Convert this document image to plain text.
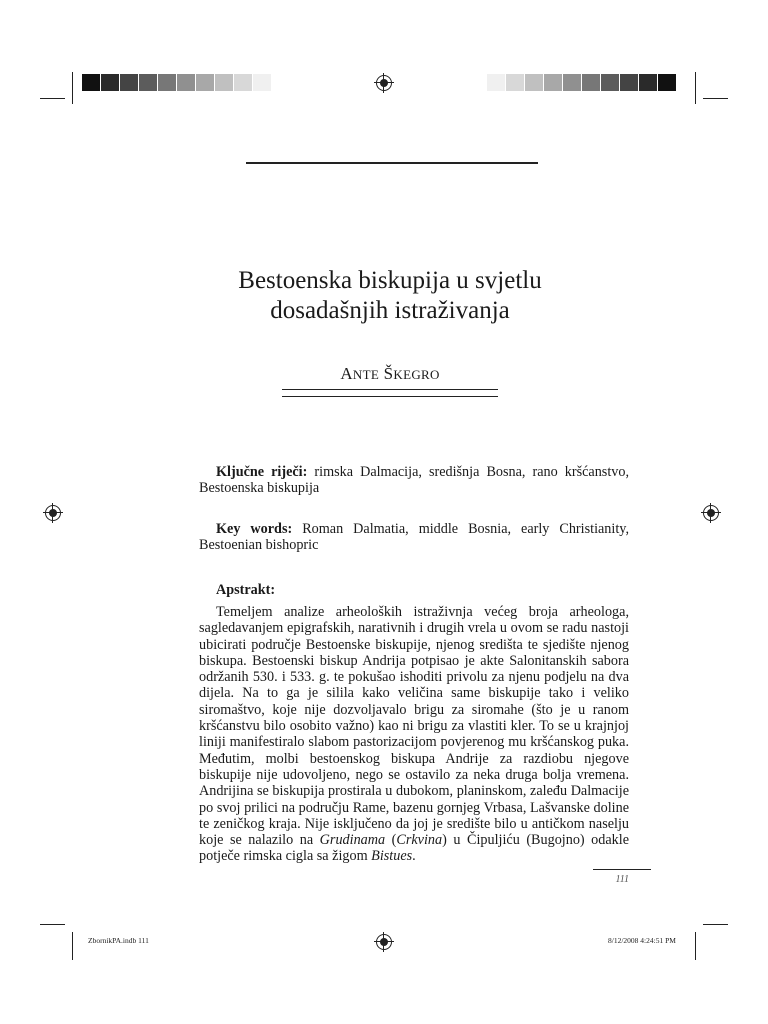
Bestoenska biskupija u svjetlu
dosadašnjih istraživanja
ANTE ŠKEGRO

Ključne riječi: rimska Dalmacija, središnja Bosna, rano kršćanstvo, Bestoenska biskupija

Key words: Roman Dalmatia, middle Bosnia, early Christianity, Bestoenian bishopric

Apstrakt:

Temeljem analize arheoloških istraživnja većeg broja arheologa, sagledavanjem epigrafskih, narativnih i drugih vrela u ovom se radu nastoji ubicirati područje Bestoenske biskupije, njenog središta te sjedište njenog biskupa. Bestoenski biskup Andrija potpisao je akte Salonitanskih sabora održanih 530. i 533. g. te pokušao ishoditi privolu za njenu podjelu na dva dijela. Na to ga je silila kako veličina same biskupije tako i veliko siromaštvo, koje nije dozvoljavalo brigu za siromahe (što je u ranom kršćanstvu bilo osobito važno) kao ni brigu za vlastiti kler. To se u krajnjoj liniji manifestiralo slabom pastorizacijom povjerenog mu kršćanskog puka. Međutim, molbi bestoenskog biskupa Andrije za razdiobu njegove biskupije nije udovoljeno, nego se ostavilo za neka druga bolja vremena. Andrijina se biskupija prostirala u dubokom, planinskom, zaleđu Dalmacije po svoj prilici na području Rame, bazenu gornjeg Vrbasa, Lašvanske doline te zeničkog kraja. Nije isključeno da joj je središte bilo u antičkom naselju koje se nalazilo na Grudinama (Crkvina) u Čipuljiću (Bugojno) odakle potječe rimska cigla sa žigom Bistues.

111
ZbornikPA.indb 111	8/12/2008 4:24:51 PM
